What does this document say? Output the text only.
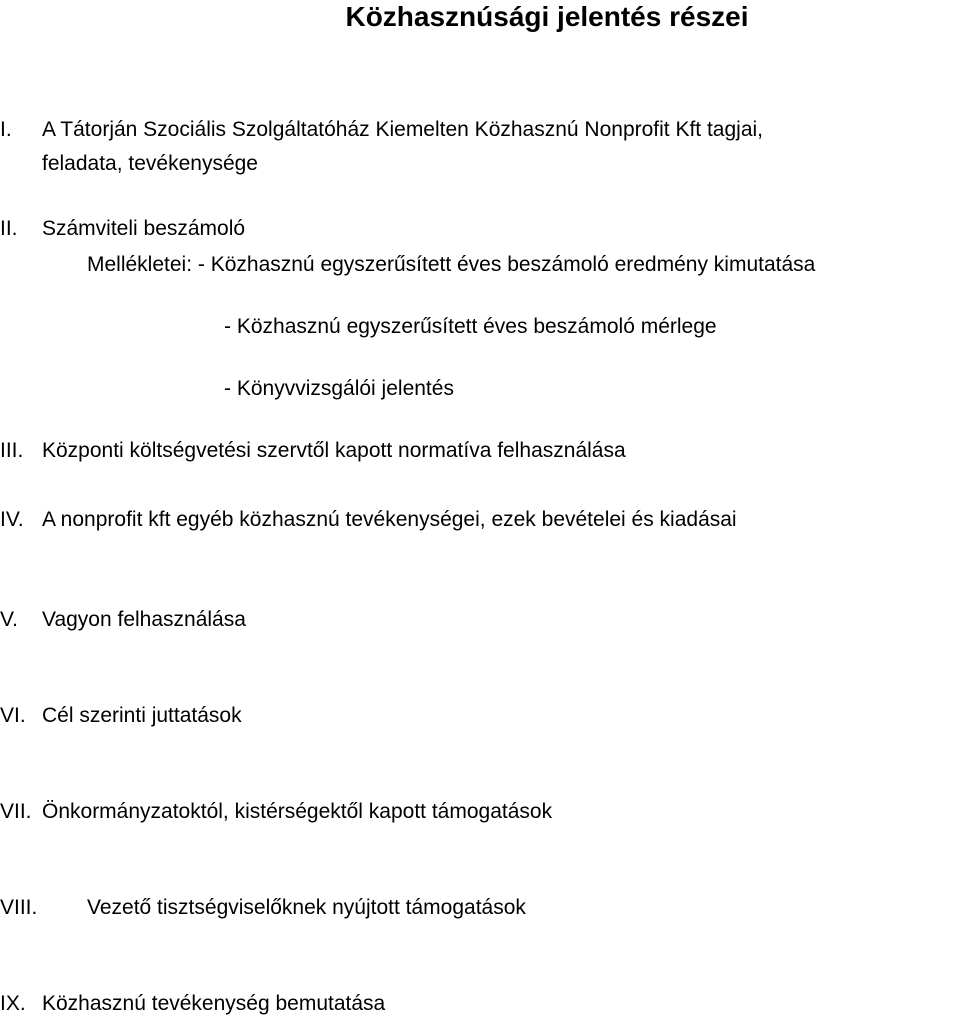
Közhasznúsági jelentés részei
I. A Tátorján Szociális Szolgáltatóház Kiemelten Közhasznú Nonprofit Kft tagjai,

feladata, tevékenysége

II. Számviteli beszámoló

Mellékletei: - Közhasznú egyszerűsített éves beszámoló eredmény kimutatása

- Közhasznú egyszerűsített éves beszámoló mérlege

- Könyvvizsgálói jelentés

III. Központi költségvetési szervtől kapott normatíva felhasználása

IV. A nonprofit kft egyéb közhasznú tevékenységei, ezek bevételei és kiadásai

V. Vagyon felhasználása

VI. Cél szerinti juttatások

VII. Önkormányzatoktól, kistérségektől kapott támogatások

VIII. Vezető tisztségviselőknek nyújtott támogatások

IX. Közhasznú tevékenység bemutatása
